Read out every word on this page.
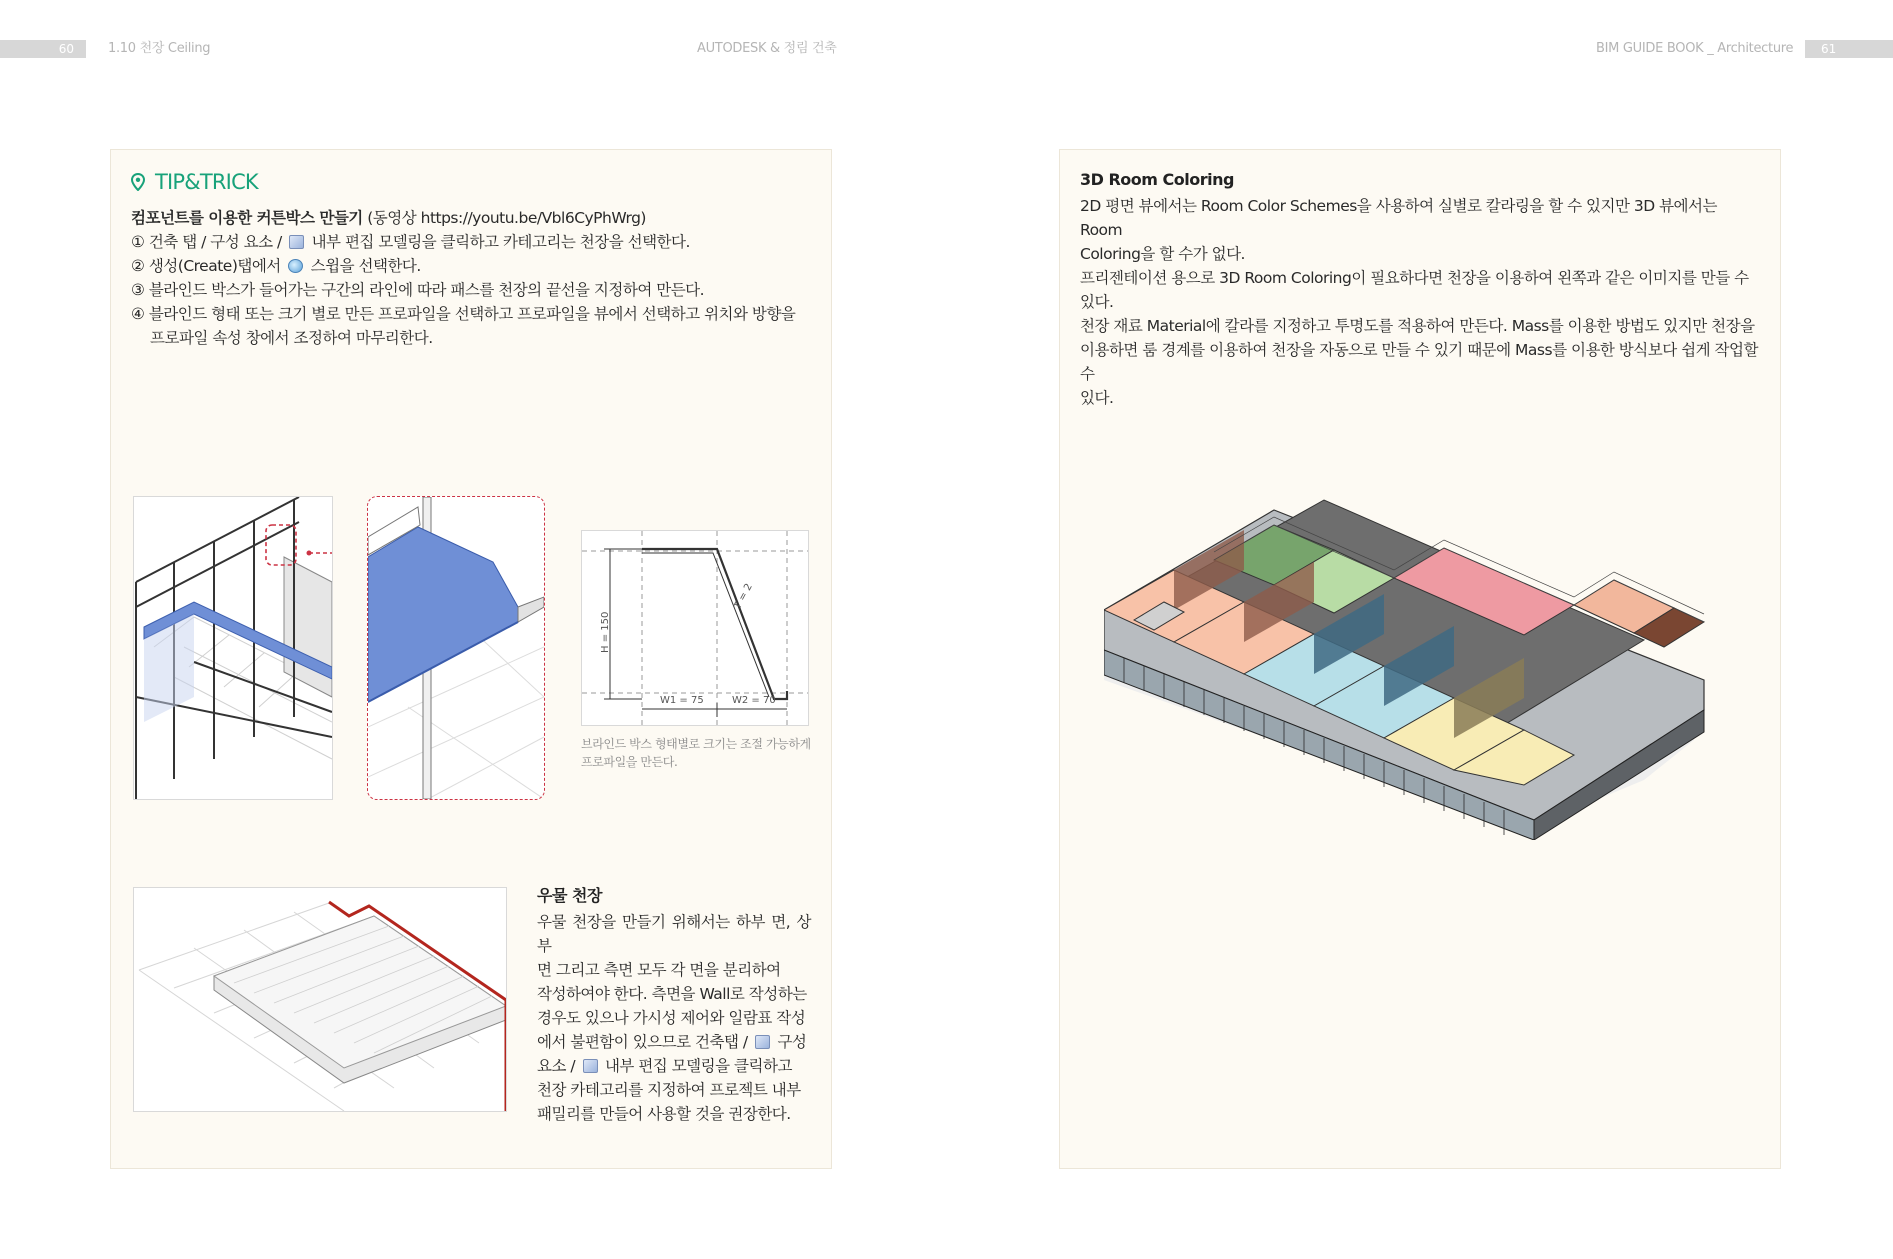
60	1.10 천장 Ceiling	AUTODESK & 정림 건축	BIM GUIDE BOOK _ Architecture	61
TIP&TRICK
컴포넌트를 이용한 커튼박스 만들기 (동영상 https://youtu.be/Vbl6CyPhWrg)
① 건축 탭 / 구성 요소 /  내부 편집 모델링을 클릭하고 카테고리는 천장을 선택한다.
② 생성(Create)탭에서  스윕을 선택한다.
③ 블라인드 박스가 들어가는 구간의 라인에 따라 패스를 천장의 끝선을 지정하여 만든다.
④ 블라인드 형태 또는 크기 별로 만든 프로파일을 선택하고 프로파일을 뷰에서 선택하고 위치와 방향을
프로파일 속성 창에서 조정하여 마무리한다.
H = 150
T = 2
W1 = 75	W2 = 70
브라인드 박스 형태별로 크기는 조절 가능하게
프로파일을 만든다.
우물 천장
우물 천장을 만들기 위해서는 하부 면, 상부
면 그리고 측면 모두 각 면을 분리하여
작성하여야 한다. 측면을 Wall로 작성하는
경우도 있으나 가시성 제어와 일람표 작성
에서 불편함이 있으므로 건축탭 /  구성
요소 /  내부 편집 모델링을 클릭하고
천장 카테고리를 지정하여 프로젝트 내부
패밀리를 만들어 사용할 것을 권장한다.
3D Room Coloring
2D 평면 뷰에서는 Room Color Schemes을 사용하여 실별로 칼라링을 할 수 있지만 3D 뷰에서는 Room
Coloring을 할 수가 없다.
프리젠테이션 용으로 3D Room Coloring이 필요하다면 천장을 이용하여 왼쪽과 같은 이미지를 만들 수 있다.
천장 재료 Material에 칼라를 지정하고 투명도를 적용하여 만든다. Mass를 이용한 방법도 있지만 천장을
이용하면 룸 경계를 이용하여 천장을 자동으로 만들 수 있기 때문에 Mass를 이용한 방식보다 쉽게 작업할 수
있다.
